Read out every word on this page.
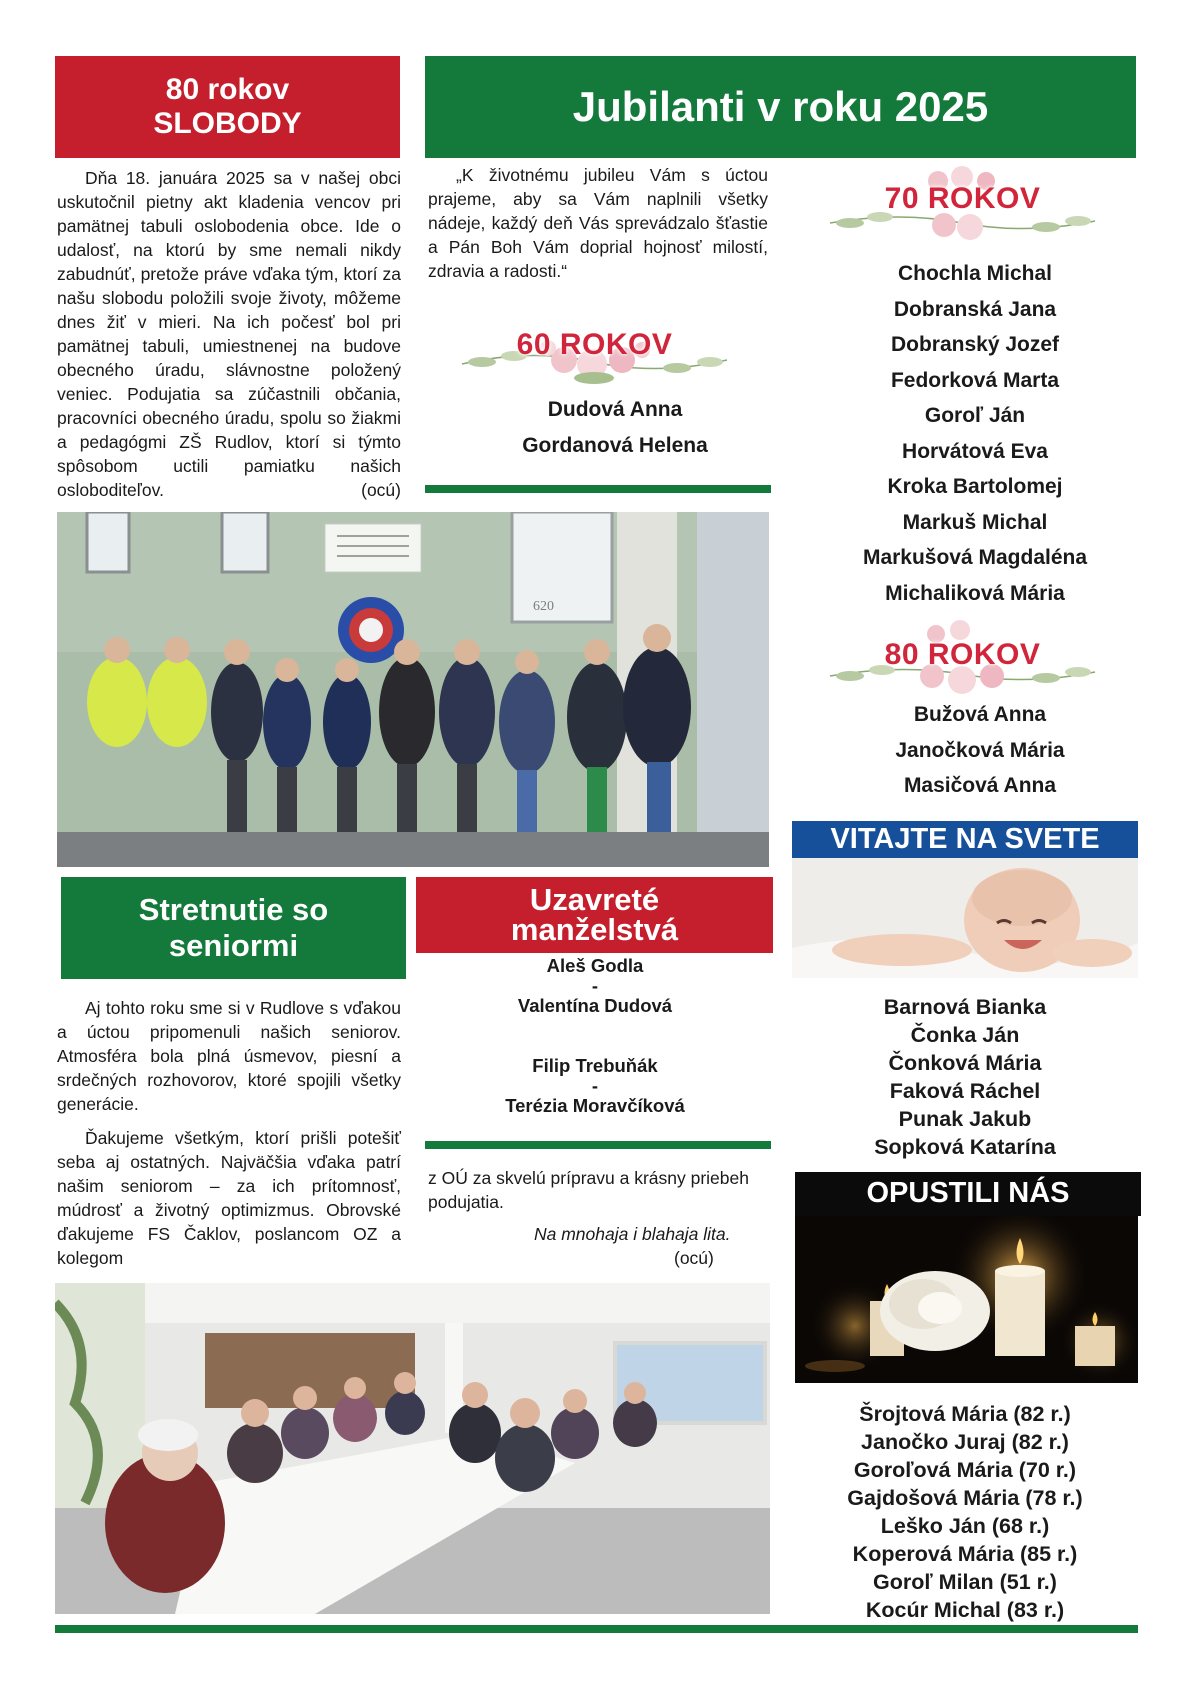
80 rokov SLOBODY

Dňa 18. januára 2025 sa v našej obci uskutočnil pietny akt kladenia vencov pri pamätnej tabuli oslobodenia obce. Ide o udalosť, na ktorú by sme nemali nikdy zabudnúť, pretože práve vďaka tým, ktorí za našu slobodu položili svoje životy, môžeme dnes žiť v mieri. Na ich počesť bol pri pamätnej tabuli, umiestnenej na budove obecného úradu, slávnostne položený veniec. Podujatia sa zúčastnili občania, pracovníci obecného úradu, spolu so žiakmi a pedagógmi ZŠ Rudlov, ktorí si týmto spôsobom uctili pamiatku našich osloboditeľov.	(ocú)

Jubilanti v roku 2025

„K životnému jubileu Vám s úctou prajeme, aby sa Vám naplnili všetky nádeje, každý deň Vás sprevádzalo šťastie a Pán Boh Vám doprial hojnosť milostí, zdravia a radosti.“

60 ROKOV
Dudová Anna
Gordanová Helena
70 ROKOV
Chochla Michal
Dobranská Jana
Dobranský Jozef
Fedorková Marta
Goroľ Ján
Horvátová Eva
Kroka Bartolomej
Markuš Michal
Markušová Magdaléna
Michaliková Mária
80 ROKOV
Bužová Anna
Janočková Mária
Masičová Anna
620
Stretnutie so seniormi

Aj tohto roku sme si v Rudlove s vďakou a úctou pripomenuli našich seniorov. Atmosféra bola plná úsmevov, piesní a srdečných rozhovorov, ktoré spojili všetky generácie.

Ďakujeme všetkým, ktorí prišli potešiť seba aj ostatných. Najväčšia vďaka patrí našim seniorom – za ich prítomnosť, múdrosť a životný optimizmus. Obrovské ďakujeme FS Čaklov, poslancom OZ a kolegom

Uzavreté manželstvá
Aleš Godla
-
Valentína Dudová
Filip Trebuňák
-
Terézia Moravčíková

z OÚ za skvelú prípravu a krásny priebeh podujatia.

Na mnohaja i blahaja lita.

(ocú)

VITAJTE NA SVETE
Barnová Bianka
Čonka Ján
Čonková Mária
Faková Ráchel
Punak Jakub
Sopková Katarína
OPUSTILI NÁS
Šrojtová Mária (82 r.)
Janočko Juraj (82 r.)
Goroľová Mária (70 r.)
Gajdošová Mária (78 r.)
Leško Ján (68 r.)
Koperová Mária (85 r.)
Goroľ Milan (51 r.)
Kocúr Michal (83 r.)
